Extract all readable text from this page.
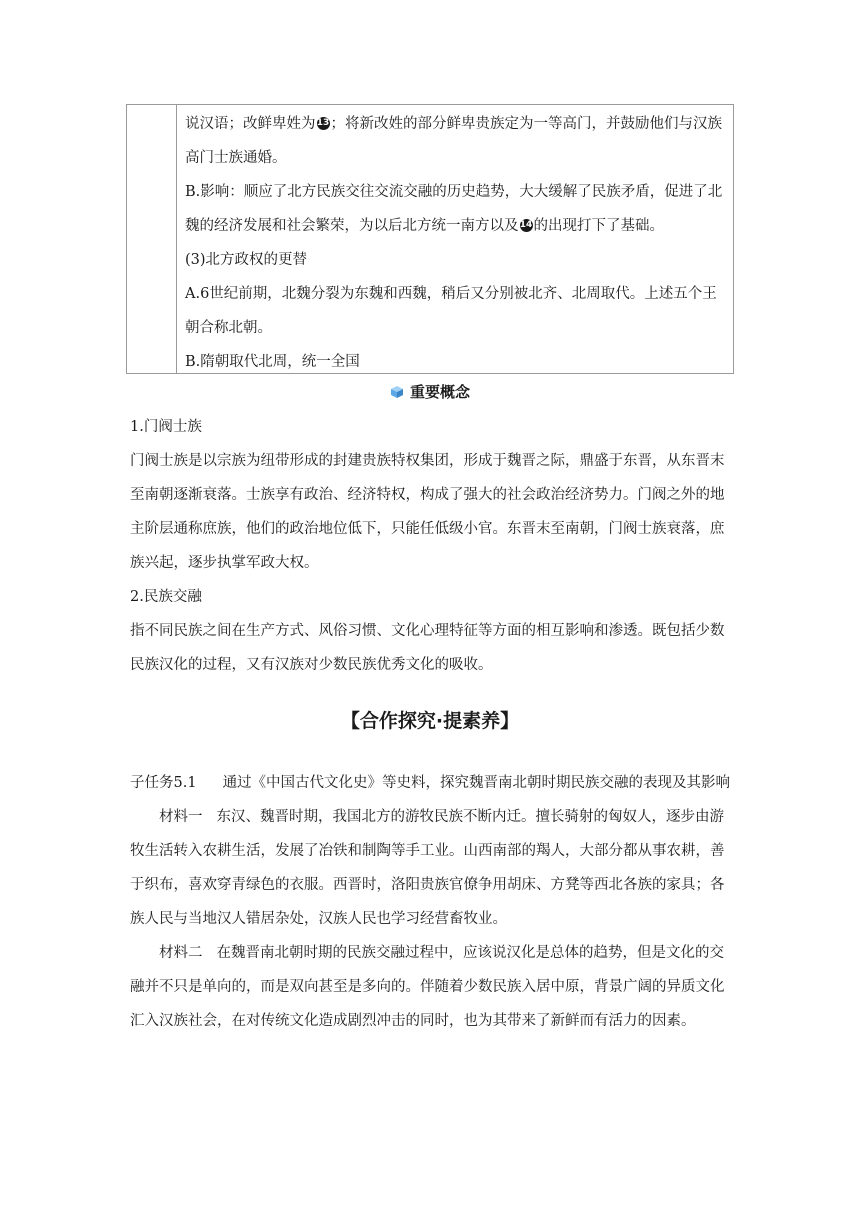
说汉语；改鲜卑姓为13；将新改姓的部分鲜卑贵族定为一等高门，并鼓励他们与汉族高门士族通婚。

B.影响：顺应了北方民族交往交流交融的历史趋势，大大缓解了民族矛盾，促进了北魏的经济发展和社会繁荣，为以后北方统一南方以及14的出现打下了基础。

(3)北方政权的更替

A.6世纪前期，北魏分裂为东魏和西魏，稍后又分别被北齐、北周取代。上述五个王朝合称北朝。

B.隋朝取代北周，统一全国

重要概念

1.门阀士族

门阀士族是以宗族为纽带形成的封建贵族特权集团，形成于魏晋之际，鼎盛于东晋，从东晋末至南朝逐渐衰落。士族享有政治、经济特权，构成了强大的社会政治经济势力。门阀之外的地主阶层通称庶族，他们的政治地位低下，只能任低级小官。东晋末至南朝，门阀士族衰落，庶族兴起，逐步执掌军政大权。

2.民族交融

指不同民族之间在生产方式、风俗习惯、文化心理特征等方面的相互影响和渗透。既包括少数民族汉化的过程，又有汉族对少数民族优秀文化的吸收。

【合作探究·提素养】

子任务5.1 通过《中国古代文化史》等史料，探究魏晋南北朝时期民族交融的表现及其影响

材料一 东汉、魏晋时期，我国北方的游牧民族不断内迁。擅长骑射的匈奴人，逐步由游牧生活转入农耕生活，发展了冶铁和制陶等手工业。山西南部的羯人，大部分都从事农耕，善于织布，喜欢穿青绿色的衣服。西晋时，洛阳贵族官僚争用胡床、方凳等西北各族的家具；各族人民与当地汉人错居杂处，汉族人民也学习经营畜牧业。

材料二 在魏晋南北朝时期的民族交融过程中，应该说汉化是总体的趋势，但是文化的交融并不只是单向的，而是双向甚至是多向的。伴随着少数民族入居中原，背景广阔的异质文化汇入汉族社会，在对传统文化造成剧烈冲击的同时，也为其带来了新鲜而有活力的因素。
